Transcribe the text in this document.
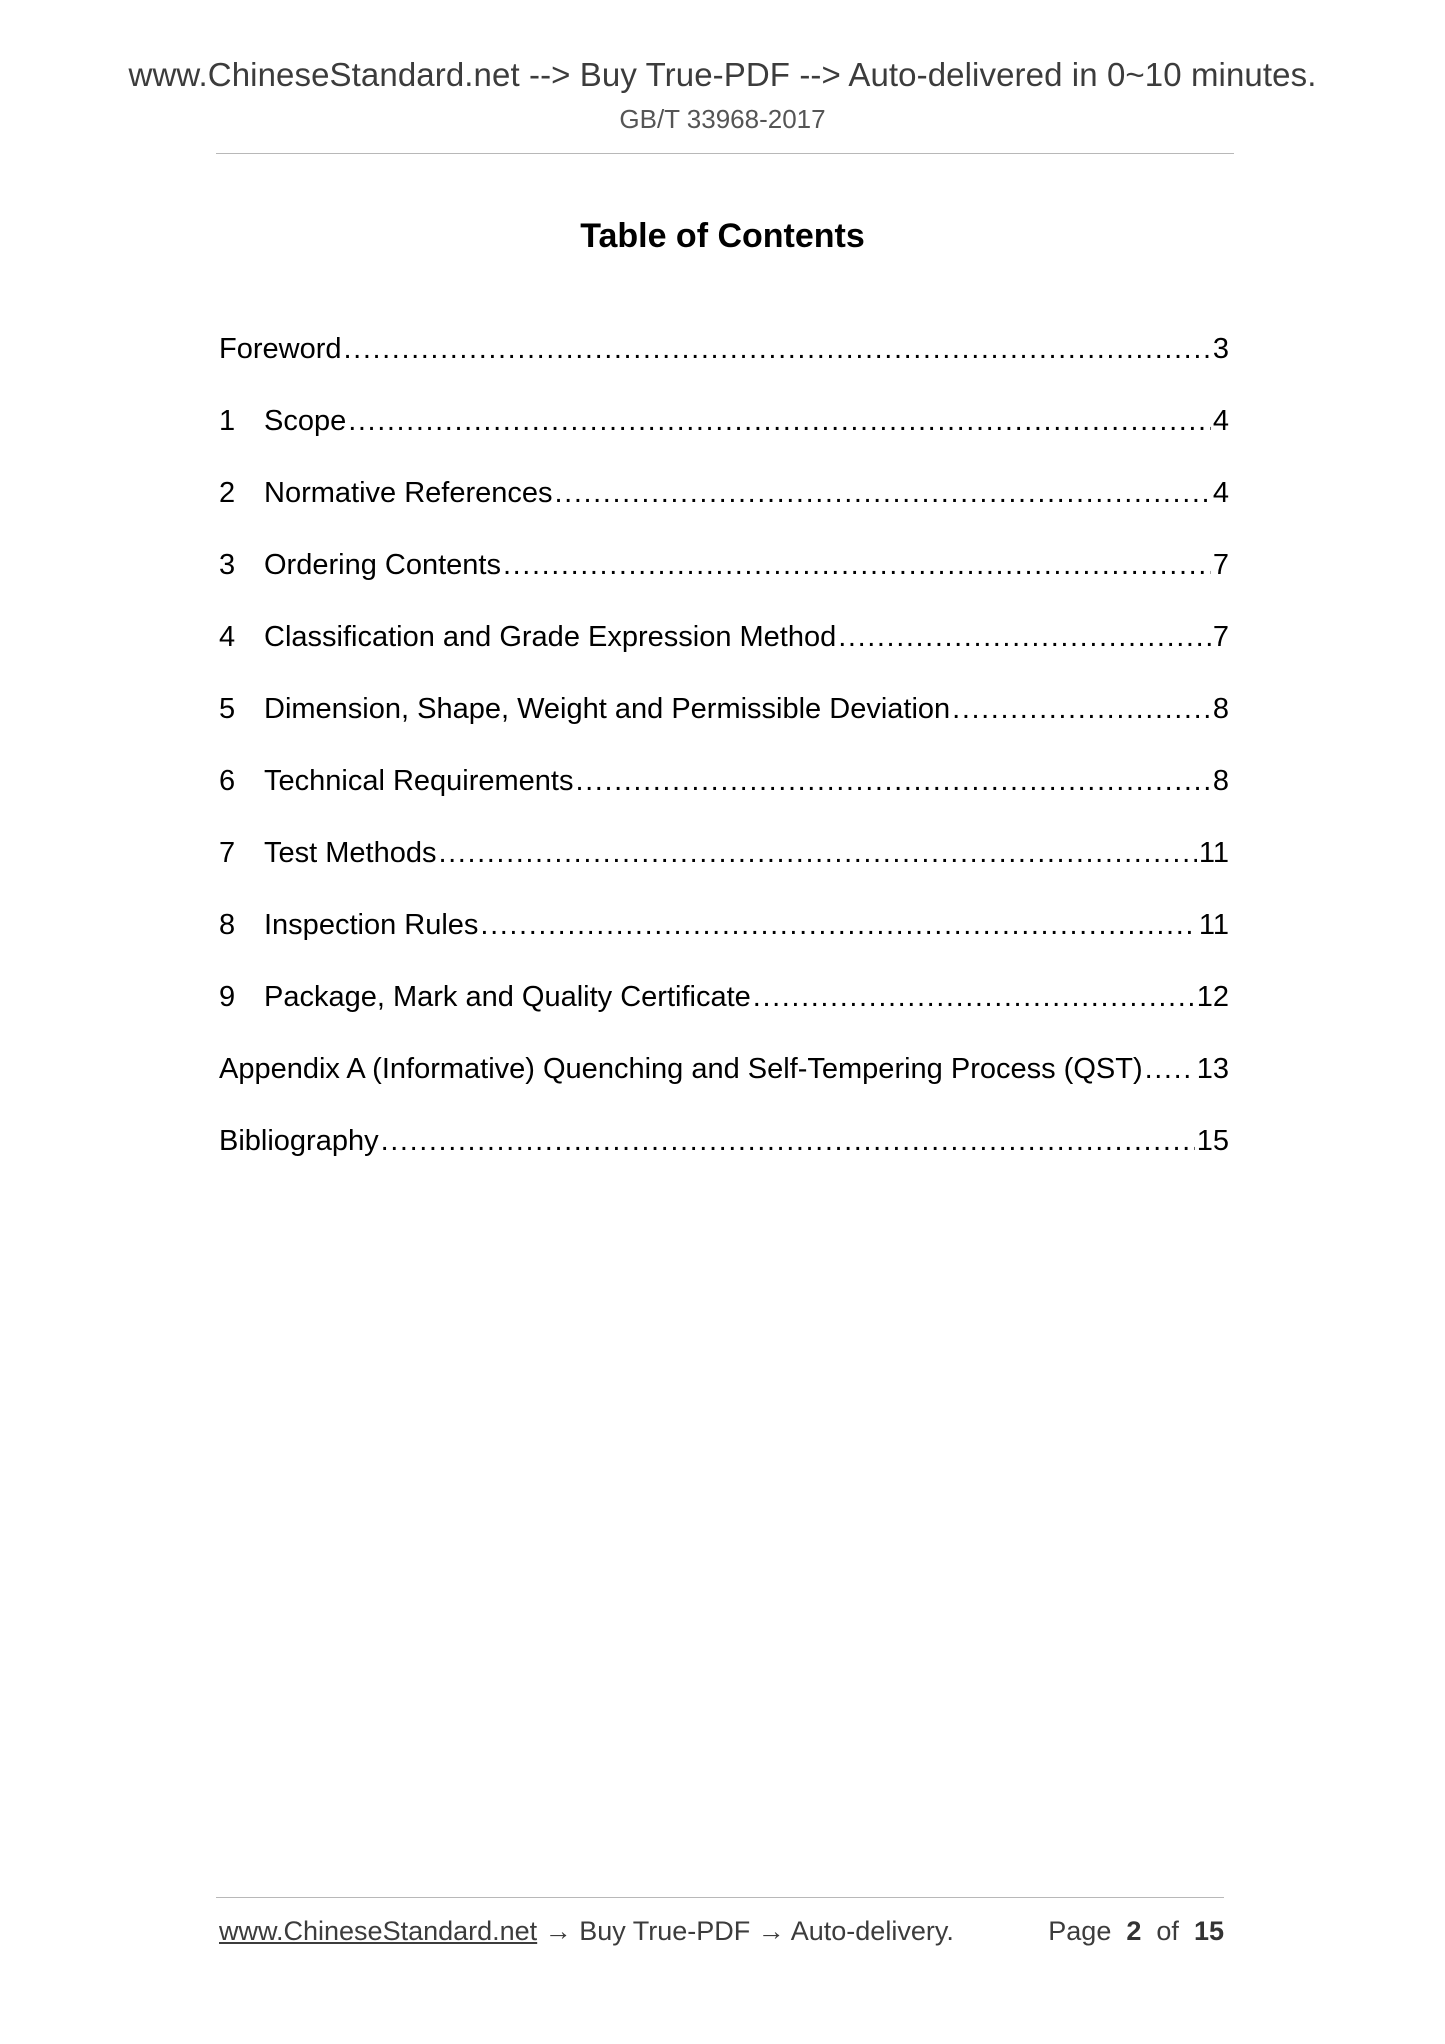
www.ChineseStandard.net --> Buy True-PDF --> Auto-delivered in 0~10 minutes.
GB/T 33968-2017
Table of Contents
Foreword .....	3
1 Scope .....	4
2 Normative References .....	4
3 Ordering Contents .....	7
4 Classification and Grade Expression Method .....	7
5 Dimension, Shape, Weight and Permissible Deviation .....	8
6 Technical Requirements .....	8
7 Test Methods .....	11
8 Inspection Rules .....	11
9 Package, Mark and Quality Certificate .....	12
Appendix A (Informative) Quenching and Self-Tempering Process (QST) ..... 13
Bibliography .....	15
www.ChineseStandard.net → Buy True-PDF → Auto-delivery.	Page 2 of 15
